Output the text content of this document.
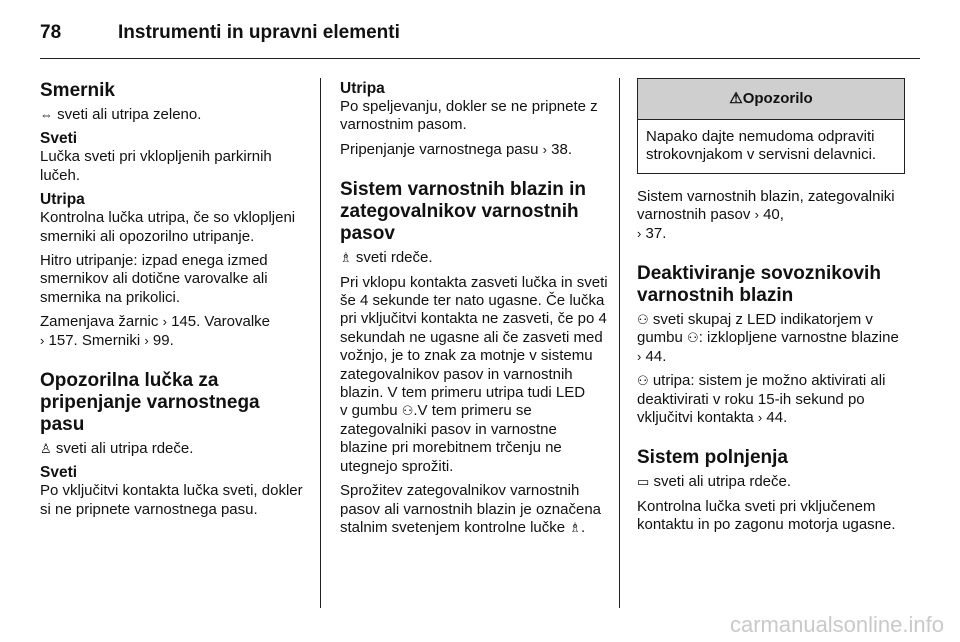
78	Instrumenti in upravni elementi
Smernik

⇔ sveti ali utripa zeleno.

Sveti

Lučka sveti pri vklopljenih parkirnih lučeh.

Utripa

Kontrolna lučka utripa, če so vklopljeni smerniki ali opozorilno utripanje.

Hitro utripanje: izpad enega izmed smernikov ali dotične varovalke ali smernika na prikolici.

Zamenjava žarnic › 145. Varovalke
› 157. Smerniki › 99.

Opozorilna lučka za pripenjanje varnostnega pasu

♙ sveti ali utripa rdeče.

Sveti

Po vključitvi kontakta lučka sveti, dokler si ne pripnete varnostnega pasu.

Utripa

Po speljevanju, dokler se ne pripnete z varnostnim pasom.

Pripenjanje varnostnega pasu › 38.

Sistem varnostnih blazin in zategovalnikov varnostnih pasov

♗ sveti rdeče.

Pri vklopu kontakta zasveti lučka in sveti še 4 sekunde ter nato ugasne. Če lučka pri vključitvi kontakta ne zasveti, če po 4 sekundah ne ugasne ali če zasveti med vožnjo, je to znak za motnje v sistemu zategovalnikov pasov in varnostnih blazin. V tem primeru utripa tudi LED
v gumbu ⚇.V tem primeru se zategovalniki pasov in varnostne blazine pri morebitnem trčenju ne utegnejo sprožiti.

Sprožitev zategovalnikov varnostnih pasov ali varnostnih blazin je označena stalnim svetenjem kontrolne lučke ♗.

⚠Opozorilo
Napako dajte nemudoma odpraviti strokovnjakom v servisni delavnici.

Sistem varnostnih blazin, zategovalniki varnostnih pasov › 40,
› 37.

Deaktiviranje sovoznikovih varnostnih blazin

⚇ sveti skupaj z LED indikatorjem v gumbu ⚇: izklopljene varnostne blazine › 44.

⚇ utripa: sistem je možno aktivirati ali deaktivirati v roku 15-ih sekund po vključitvi kontakta › 44.

Sistem polnjenja

▭ sveti ali utripa rdeče.

Kontrolna lučka sveti pri vključenem kontaktu in po zagonu motorja ugasne.

carmanualsonline.info
